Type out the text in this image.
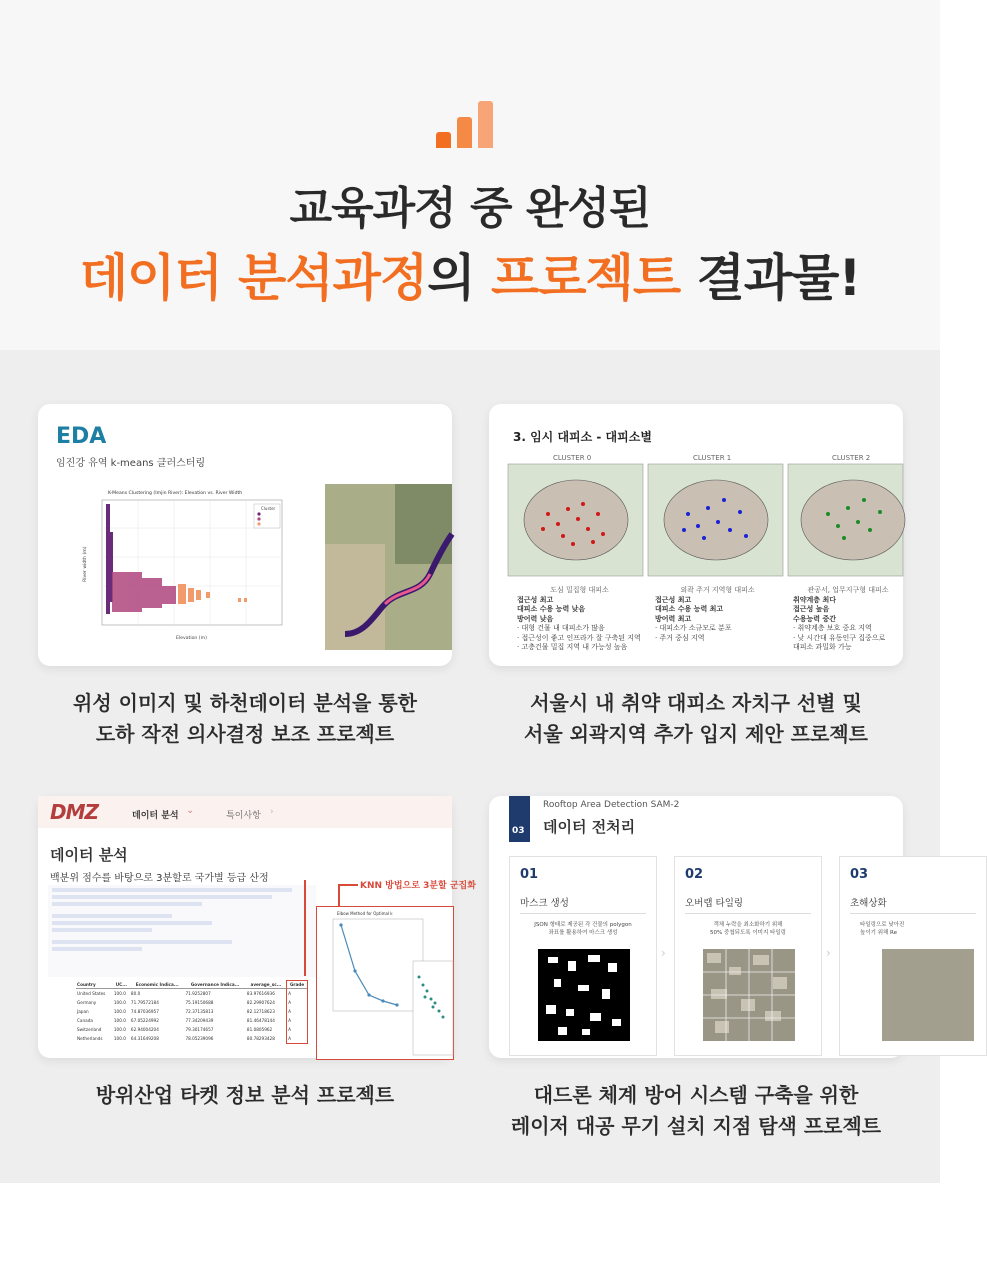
교육과정 중 완성된
데이터 분석과정의 프로젝트 결과물!
EDA
임진강 유역 k-means 클러스터링
Cluster
K-Means Clustering (Imjin River): Elevation vs. River Width
Elevation (m)
River width (m)
위성 이미지 및 하천데이터 분석을 통한
도하 작전 의사결정 보조 프로젝트
3. 임시 대피소 - 대피소별
CLUSTER 0	CLUSTER 1	CLUSTER 2
도심 밀집형 대피소
접근성 최고
대피소 수용 능력 낮음
방어력 낮음
· 대형 건물 내 대피소가 많음
· 접근성이 좋고 인프라가 잘 구축된 지역
· 고층건물 밀집 지역 내 가능성 높음
외곽 주거 지역형 대피소
접근성 최고
대피소 수용 능력 최고
방어력 최고
· 대피소가 소규모로 분포
· 주거 중심 지역
관공서, 업무지구형 대피소
취약계층 최다
접근성 높음
수용능력 중간
· 취약계층 보호 중요 지역
· 낮 시간대 유동인구 집중으로
대피소 과밀화 가능
서울시 내 취약 대피소 자치구 선별 및
서울 외곽지역 추가 입지 제안 프로젝트
DMZ	데이터 분석 ⌄	특이사항 ›
데이터 분석
백분위 점수를 바탕으로 3분할로 국가별 등급 산정
KNN 방법으로 3분할 군집화
Elbow Method for Optimal k
Country	UC...	Economic Indica...	Governance Indica...	average_sc...	Grade
United States	100.0	80.0	71.9252807	83.97616936	A
Germany	100.0	71.79572184	75.19150688	82.29907624	A
Japan	100.0	74.87036957	72.37135813	82.12718623	A
Canada	100.0	67.05224992	77.34209439	81.46478144	A
Switzerland	100.0	62.94004204	79.30174657	81.0805962	A
Netherlands	100.0	64.31649208	78.05239096	80.78293428	A
방위산업 타켓 정보 분석 프로젝트
03
Rooftop Area Detection SAM-2
데이터 전처리
01
마스크 생성
JSON 형태로 제공된 각 건물의 polygon
좌표를 활용하여 마스크 생성
›
02
오버랩 타일링
객체 누락을 최소화하기 위해
50% 중첩되도록 이미지 타일링
›
03
초해상화
타일링으로 낮아진
높이기 위해 Re
대드론 체계 방어 시스템 구축을 위한
레이저 대공 무기 설치 지점 탐색 프로젝트
